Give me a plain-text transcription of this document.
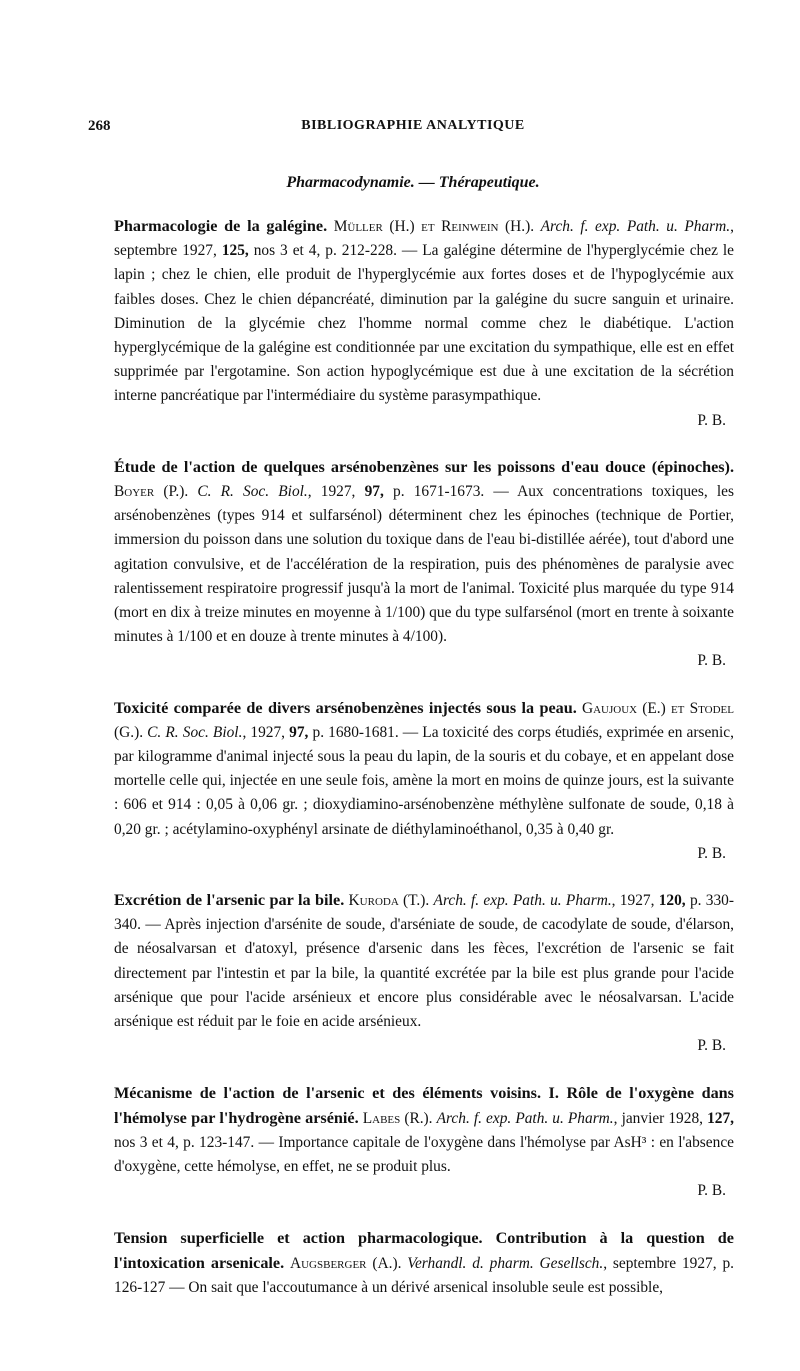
268	BIBLIOGRAPHIE ANALYTIQUE
Pharmacodynamie. — Thérapeutique.
Pharmacologie de la galégine. Müller (H.) et Reinwein (H.). Arch. f. exp. Path. u. Pharm., septembre 1927, 125, nos 3 et 4, p. 212-228. — La galégine détermine de l'hyperglycémie chez le lapin ; chez le chien, elle produit de l'hyperglycémie aux fortes doses et de l'hypoglycémie aux faibles doses. Chez le chien dépancréaté, diminution par la galégine du sucre sanguin et urinaire. Diminution de la glycémie chez l'homme normal comme chez le diabétique. L'action hyperglycémique de la galégine est conditionnée par une excitation du sympathique, elle est en effet supprimée par l'ergotamine. Son action hypoglycémique est due à une excitation de la sécrétion interne pancréatique par l'intermédiaire du système parasympathique.
P. B.
Étude de l'action de quelques arsénobenzènes sur les poissons d'eau douce (épinoches). Boyer (P.). C. R. Soc. Biol., 1927, 97, p. 1671-1673. — Aux concentrations toxiques, les arsénobenzènes (types 914 et sulfarsénol) déterminent chez les épinoches (technique de Portier, immersion du poisson dans une solution du toxique dans de l'eau bi-distillée aérée), tout d'abord une agitation convulsive, et de l'accélération de la respiration, puis des phénomènes de paralysie avec ralentissement respiratoire progressif jusqu'à la mort de l'animal. Toxicité plus marquée du type 914 (mort en dix à treize minutes en moyenne à 1/100) que du type sulfarsénol (mort en trente à soixante minutes à 1/100 et en douze à trente minutes à 4/100).
P. B.
Toxicité comparée de divers arsénobenzènes injectés sous la peau. Gaujoux (E.) et Stodel (G.). C. R. Soc. Biol., 1927, 97, p. 1680-1681. — La toxicité des corps étudiés, exprimée en arsenic, par kilogramme d'animal injecté sous la peau du lapin, de la souris et du cobaye, et en appelant dose mortelle celle qui, injectée en une seule fois, amène la mort en moins de quinze jours, est la suivante : 606 et 914 : 0,05 à 0,06 gr. ; dioxydiamino-arsénobenzène méthylène sulfonate de soude, 0,18 à 0,20 gr. ; acétylamino-oxyphényl arsinate de diéthylaminoéthanol, 0,35 à 0,40 gr.
P. B.
Excrétion de l'arsenic par la bile. Kuroda (T.). Arch. f. exp. Path. u. Pharm., 1927, 120, p. 330-340. — Après injection d'arsénite de soude, d'arséniate de soude, de cacodylate de soude, d'élarson, de néosalvarsan et d'atoxyl, présence d'arsenic dans les fèces, l'excrétion de l'arsenic se fait directement par l'intestin et par la bile, la quantité excrétée par la bile est plus grande pour l'acide arsénique que pour l'acide arsénieux et encore plus considérable avec le néosalvarsan. L'acide arsénique est réduit par le foie en acide arsénieux.
P. B.
Mécanisme de l'action de l'arsenic et des éléments voisins. I. Rôle de l'oxygène dans l'hémolyse par l'hydrogène arsénié. Labes (R.). Arch. f. exp. Path. u. Pharm., janvier 1928, 127, nos 3 et 4, p. 123-147. — Importance capitale de l'oxygène dans l'hémolyse par AsH³ : en l'absence d'oxygène, cette hémolyse, en effet, ne se produit plus.
P. B.
Tension superficielle et action pharmacologique. Contribution à la question de l'intoxication arsenicale. Augsberger (A.). Verhandl. d. pharm. Gesellsch., septembre 1927, p. 126-127 — On sait que l'accoutumance à un dérivé arsenical insoluble seule est possible,
